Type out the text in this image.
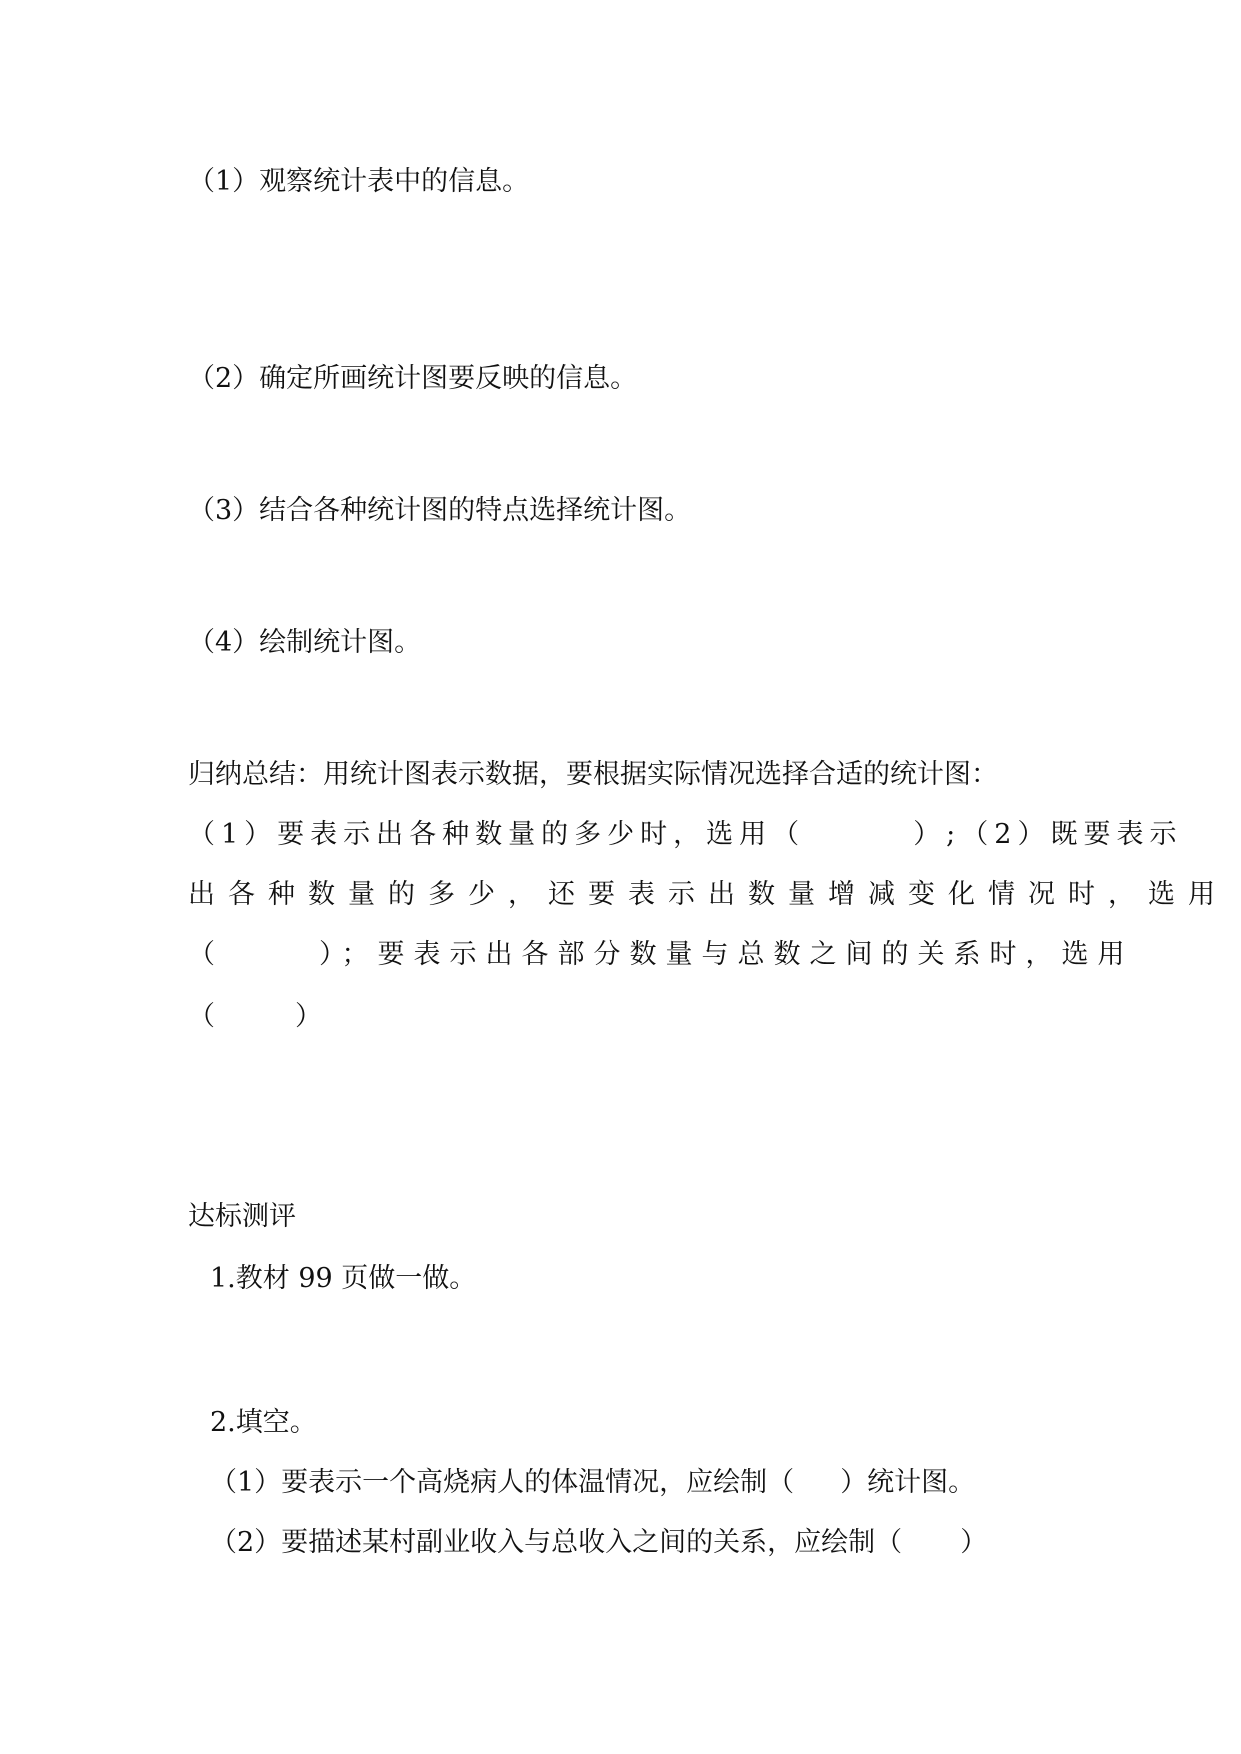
（1）观察统计表中的信息。
（2）确定所画统计图要反映的信息。
（3）结合各种统计图的特点选择统计图。
（4）绘制统计图。
归纳总结：用统计图表示数据，要根据实际情况选择合适的统计图：
（1）要表示出各种数量的多少时，选用（	）;（2）既要表示
出各种数量的多少，还要表示出数量增减变化情况时，选用
（	）；要表示出各部分数量与总数之间的关系时，选用
（	）
达标测评
1.教材 99 页做一做。
2.填空。
（1）要表示一个高烧病人的体温情况，应绘制（ ）统计图。
（2）要描述某村副业收入与总收入之间的关系，应绘制（ ）
